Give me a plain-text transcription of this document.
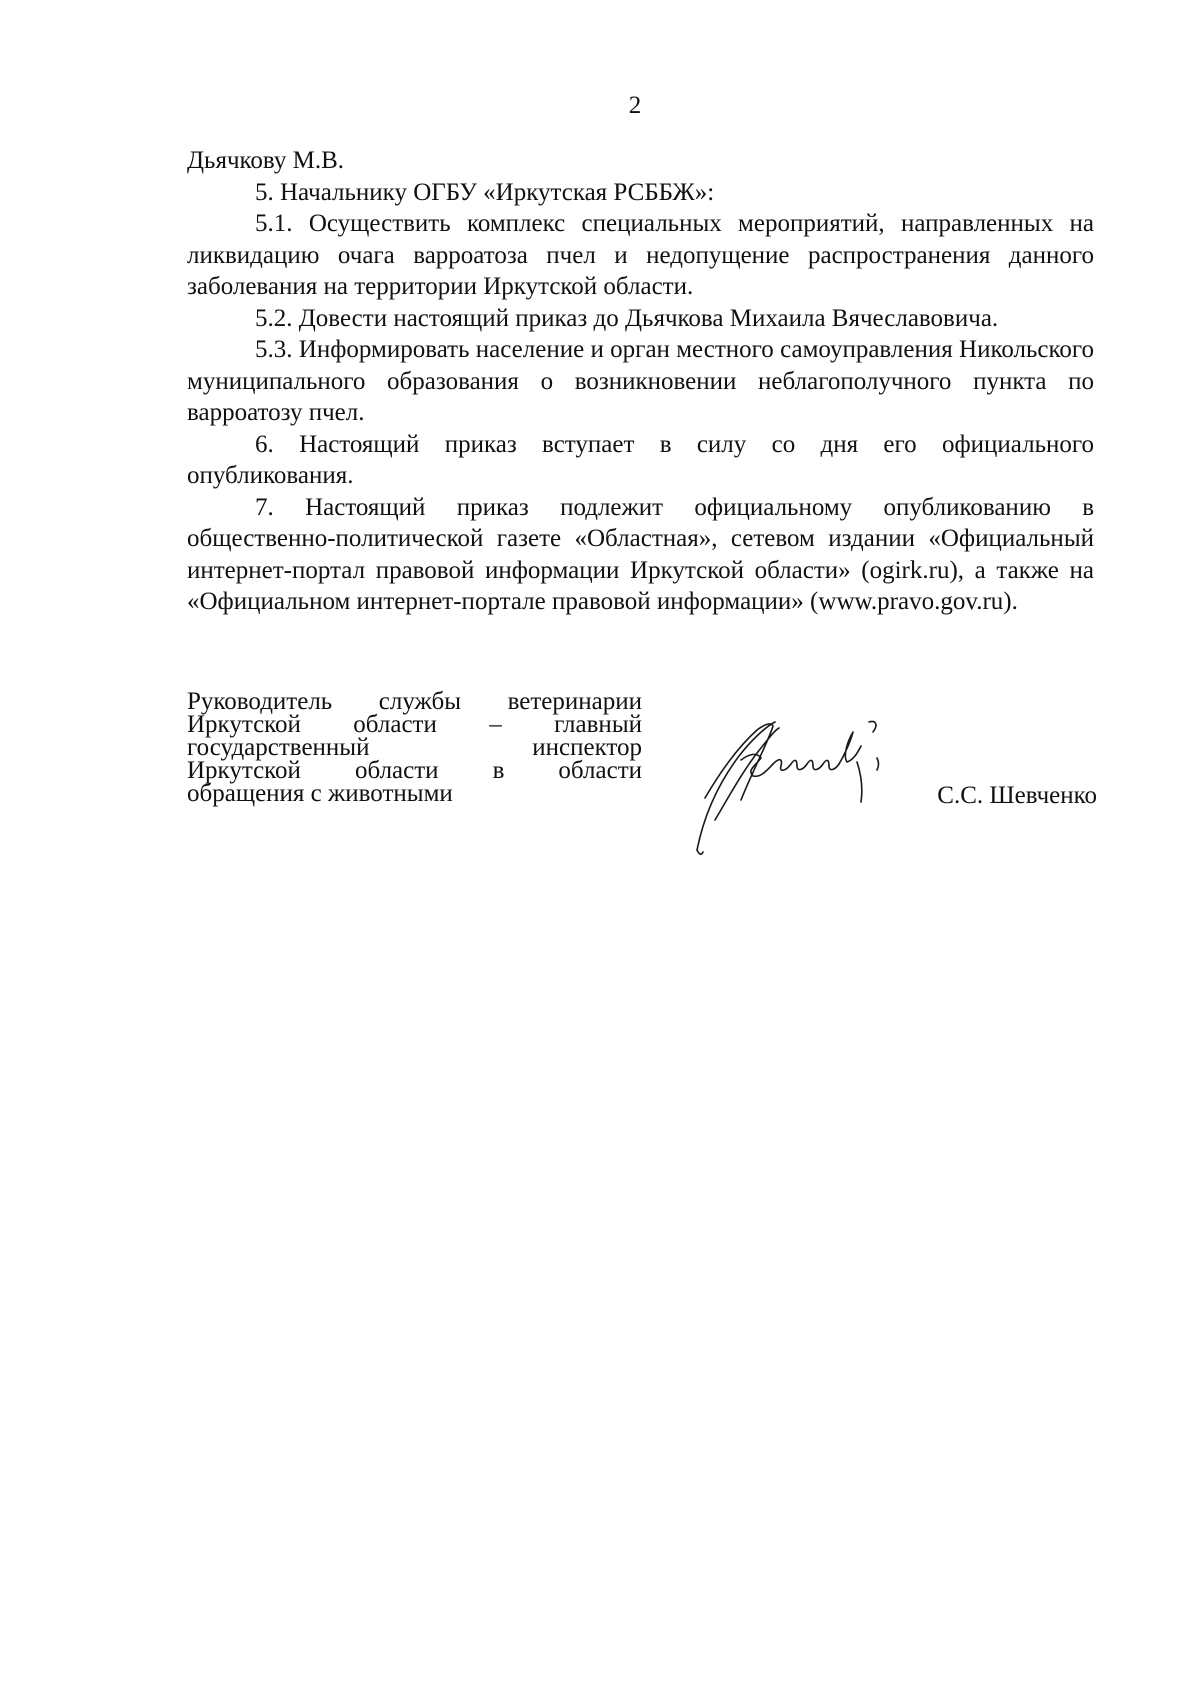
2

Дьячкову М.В.

5. Начальнику ОГБУ «Иркутская РСББЖ»:

5.1. Осуществить комплекс специальных мероприятий, направленных на ликвидацию очага варроатоза пчел и недопущение распространения данного заболевания на территории Иркутской области.

5.2. Довести настоящий приказ до Дьячкова Михаила Вячеславовича.

5.3. Информировать население и орган местного самоуправления Никольского муниципального образования о возникновении неблагополучного пункта по варроатозу пчел.

6. Настоящий приказ вступает в силу со дня его официального опубликования.

7. Настоящий приказ подлежит официальному опубликованию в общественно-политической газете «Областная», сетевом издании «Официальный интернет-портал правовой информации Иркутской области» (ogirk.ru), а также на «Официальном интернет-портале правовой информации» (www.pravo.gov.ru).

Руководитель службы ветеринарии
Иркутской области – главный
государственный инспектор
Иркутской области в области
обращения с животными	С.С. Шевченко
